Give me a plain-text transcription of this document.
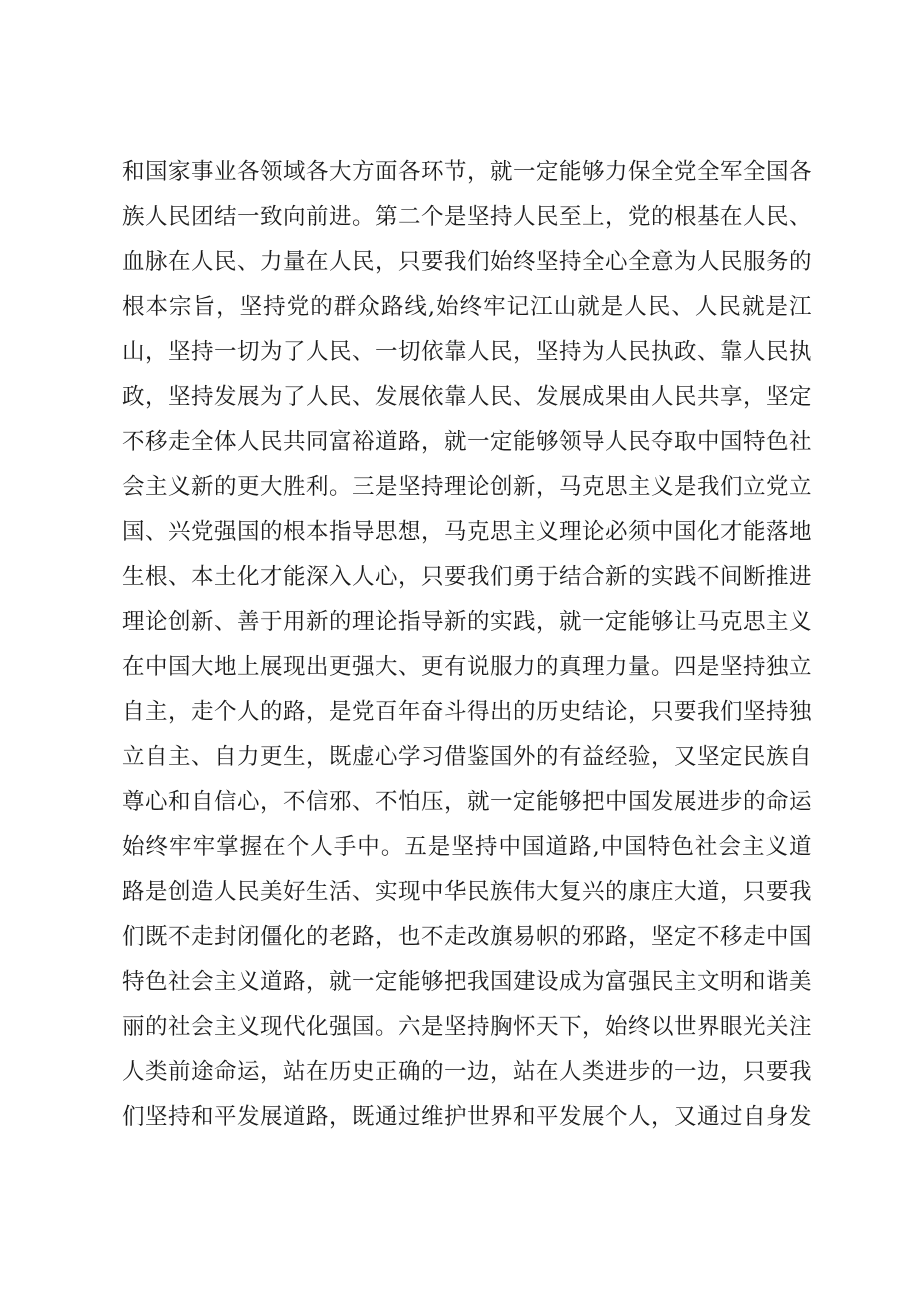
和国家事业各领域各大方面各环节，就一定能够力保全党全军全国各
族人民团结一致向前进。第二个是坚持人民至上，党的根基在人民、
血脉在人民、力量在人民，只要我们始终坚持全心全意为人民服务的
根本宗旨，坚持党的群众路线,始终牢记江山就是人民、人民就是江
山，坚持一切为了人民、一切依靠人民，坚持为人民执政、靠人民执
政，坚持发展为了人民、发展依靠人民、发展成果由人民共享，坚定
不移走全体人民共同富裕道路，就一定能够领导人民夺取中国特色社
会主义新的更大胜利。三是坚持理论创新，马克思主义是我们立党立
国、兴党强国的根本指导思想，马克思主义理论必须中国化才能落地
生根、本土化才能深入人心，只要我们勇于结合新的实践不间断推进
理论创新、善于用新的理论指导新的实践，就一定能够让马克思主义
在中国大地上展现出更强大、更有说服力的真理力量。四是坚持独立
自主，走个人的路，是党百年奋斗得出的历史结论，只要我们坚持独
立自主、自力更生，既虚心学习借鉴国外的有益经验，又坚定民族自
尊心和自信心，不信邪、不怕压，就一定能够把中国发展进步的命运
始终牢牢掌握在个人手中。五是坚持中国道路,中国特色社会主义道
路是创造人民美好生活、实现中华民族伟大复兴的康庄大道，只要我
们既不走封闭僵化的老路，也不走改旗易帜的邪路，坚定不移走中国
特色社会主义道路，就一定能够把我国建设成为富强民主文明和谐美
丽的社会主义现代化强国。六是坚持胸怀天下，始终以世界眼光关注
人类前途命运，站在历史正确的一边，站在人类进步的一边，只要我
们坚持和平发展道路，既通过维护世界和平发展个人，又通过自身发
